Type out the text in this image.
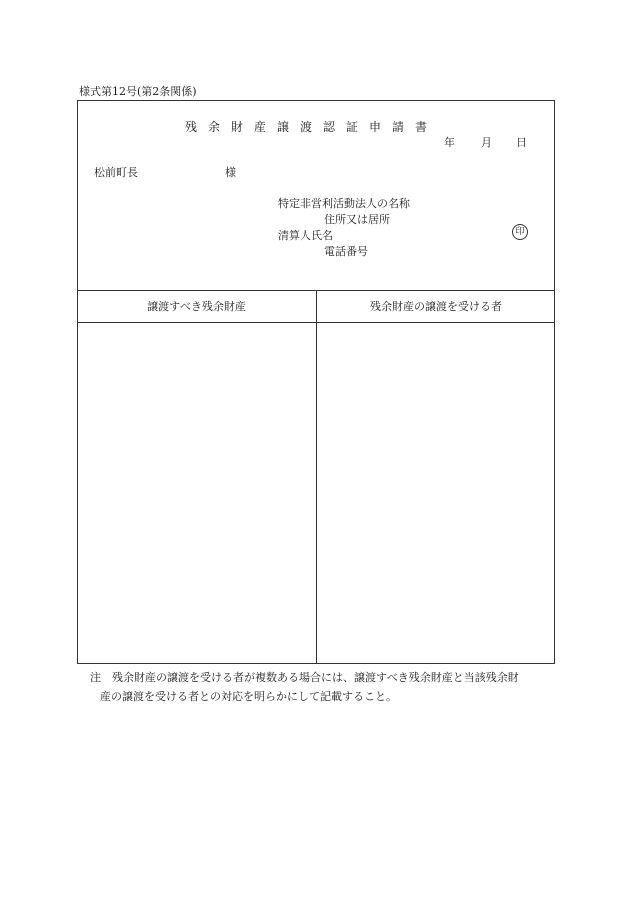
様式第12号(第2条関係)
残余財産譲渡認証申請書
年 月 日
松前町長	様
特定非営利活動法人の名称
住所又は居所
清算人 氏名	印
電話番号
譲渡すべき残余財産	残余財産の譲渡を受ける者
注 残余財産の譲渡を受ける者が複数ある場合には、譲渡すべき残余財産と当該残余財
産の譲渡を受ける者との対応を明らかにして記載すること。
